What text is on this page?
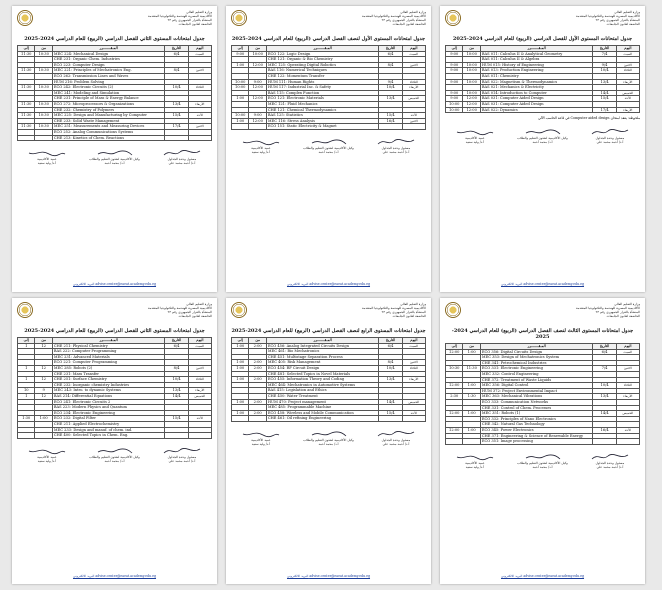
وزارة التعليم العالي
الأكاديمية المصرية للهندسة والتكنولوجيا المتقدمة
المنشأة بالقرار الجمهوري رقم ٢٣
الخاضعة لقانون الجامعات
جدول امتحانات المستوى الأول للفصل الدراسي (الربيع) للعام الدراسي 2024-2025
إلى	من	المـقـــــــرر	التاريخ	اليوم

9:00	10:00	BAS 011: Calculus II & Analytical Geometry	7/4	السبت
		BAS 011: Calculus II & Algebra		
9:00	10:00	HUM 015: History of Engineering	9/4	الاثنين
9:00	10:00	BAS 013: Production Engineering	10/4	الثلاثاء
		BAS 011: Chemistry		
9:00	10:00	BAS 022: Magnetism & Thermodynamics	13/4	الأربعاء
		BAS 021: Mechanics & Electricity		
9:00	10:00	BAS 014: Introduction to Computer	14/4	الخميس
9:00	12:00	BAS 031: Computer Aided Design	15/4	الأحد
10:00	12:00	BAS 031: Computer Aided Design		
10:00	12:00	BAS 022: Dynamics	17/4	الأربعاء
ملحوظة: يعقد امتحان Computer aided design في قاعة الحاسب الآلي
مسئول وحدة الجداول
أ.د/ أحمد محمد علي
وكيل الأكاديمية لشئون التعليم والطلاب
أ.د/ محمد أحمد
عميد الأكاديمية
أ.د/ وليد سعيد
البريد الالكتروني advise.center@eaeat.academy.edu.eg
وزارة التعليم العالي
الأكاديمية المصرية للهندسة والتكنولوجيا المتقدمة
المنشأة بالقرار الجمهوري رقم ٢٣
الخاضعة لقانون الجامعات
جدول امتحانات المستوى الأول لنصف الفصل الدراسي (الربيع) للعام الدراسي 2024-2025
إلى	من	المـقـــــــرر	التاريخ	اليوم

9:00	10:00	ECO 122: Logic Design	6/4	السبت
		CHE 121: Organic & Bio Chemistry		
1:00	12:00	MEC 125: Operating Digital Robotics	8/4	الاثنين
		BAS 116: Numerical Techniques		
		CHE 122: Momentum Transfer		
10:00	9:00	HUM 111: Human Rights	9/4	الثلاثاء
10:00	12:00	HUM 117: Industrial Inc. & Safety	10/4	الأربعاء
		BAS 115: Complex Function		
1:00	12:00	ECO 121: Electronic Materials	13/4	الخميس
		MEC 121: Fluid Mechanics		
		CHE 121: Chemical Thermodynamics		
10:00	9:00	BAS 125: Statistics	15/4	الأحد
1:00	12:00	MEC 116: Stress Analysis	16/4	الاثنين
		ECO 151: Static Electricity & Magnet		
مسئول وحدة الجداول
أ.د/ أحمد محمد علي
وكيل الأكاديمية لشئون التعليم والطلاب
أ.د/ محمد أحمد
عميد الأكاديمية
أ.د/ وليد سعيد
البريد الالكتروني advise.center@eaeat.academy.edu.eg
وزارة التعليم العالي
الأكاديمية المصرية للهندسة والتكنولوجيا المتقدمة
المنشأة بالقرار الجمهوري رقم ٢٣
الخاضعة لقانون الجامعات
جدول امتحانات المستوى الثاني للفصل الدراسي (الربيع) للعام الدراسي 2024-2025
إلى	من	المـقـــــــرر	التاريخ	اليوم

11:30	10:30	MEC 224: Mechanical Design	6/4	السبت
		CHE 231: Organic Chem. Industries		
		ECO 223: Computer Design		
11:30	10:30	MEC 221: Principles of Mechatronics Eng.	8/4	الاثنين
		ECO 262: Transmission Lines and Waves		
		HUM 216: Problem Solving		
11:30	10:30	ECO 242: Electronic Circuits (2)	10/4	الثلاثاء
		MEC 241: Modeling and Simulation		
		CHE 231: Principle of Mass & Energy Balance		
11:30	10:30	ECO 272: Microprocessors & Organizations	13/4	الأربعاء
		CHE 232: Chemistry of Polymers		
11:30	10:30	MEC 225: Design and Manufacturing by Computer	15/4	الأحد
		CHE 233: Solid Waste Management		
11:30	10:30	MEC 251: Measurements and Measuring Devices	17/4	الاثنين
		ECO 252: Analog Communications Systems		
		CHE 213: Kinetics of Chem. Reactions		
مسئول وحدة الجداول
أ.د/ أحمد محمد علي
وكيل الأكاديمية لشئون التعليم والطلاب
أ.د/ محمد أحمد
عميد الأكاديمية
أ.د/ وليد سعيد
البريد الالكتروني advise.center@eaeat.academy.edu.eg
وزارة التعليم العالي
الأكاديمية المصرية للهندسة والتكنولوجيا المتقدمة
المنشأة بالقرار الجمهوري رقم ٢٣
الخاضعة لقانون الجامعات
جدول امتحانات المستوى الثالث لنصف الفصل الدراسي (الربيع) للعام الدراسي 2024-2025
إلى	من	المـقـــــــرر	التاريخ	اليوم

12:00	1:00	ECO 356: Digital Circuits Design	6/4	السبت
		MEC 353: Design of Mechatronics System		
		CHE 341: Petrochemical Industries		
10:30	11:30	ECO 331: Electronic Engineering	7/4	الاثنين
		MEC 332: Control Engineering		
		CHE 372: Treatment of Waste Liquids		
12:00	1:00	MEC 356: Digital Control	10/4	الثلاثاء
		HUM 372: Project Environmental Impact		
2:30	1:30	MEC 363: Mechanical Vibrations	13/4	الأربعاء
		ECO 333: Communication Networks		
		CHE 331: Control of Chem. Processes		
12:00	1:00	MEC 351: Robots (1)	14/4	الخميس
		ECO 332: Principles of Nano Electronics		
		CHE 342: Natural Gas Technology		
12:00	1:00	ECO 345: Power Electronics	16/4	الأحد
		CHE 371: Engineering & Science of Renewable Energy		
		ECO 351: Image processing		
مسئول وحدة الجداول
أ.د/ أحمد محمد علي
وكيل الأكاديمية لشئون التعليم والطلاب
أ.د/ محمد أحمد
عميد الأكاديمية
أ.د/ وليد سعيد
البريد الالكتروني advise.center@eaeat.academy.edu.eg
وزارة التعليم العالي
الأكاديمية المصرية للهندسة والتكنولوجيا المتقدمة
المنشأة بالقرار الجمهوري رقم ٢٣
الخاضعة لقانون الجامعات
جدول امتحانات المستوى الرابع لنصف الفصل الدراسي (الربيع) للعام الدراسي 2024-2025
إلى	من	المـقـــــــرر	التاريخ	اليوم

1:00	2:00	ECO 456: Analog Integrated Circuits Design	6/4	السبت
		MEC 461: Bio Mechatronics		
		CHE 451: Multistage Separation Process		
1:00	2:00	MEC 405: Risk Management	8/4	الاثنين
1:00	2:00	ECO 454: RF Circuit Design	10/4	الثلاثاء
		CHE 481: Selected Topics in Novel Materials		
1:00	2:00	ECO 455: Information Theory and Coding	13/4	الأربعاء
		MEC 464: Mechatronics in Automotive Systems		
		BAS 415: Legislation and Ethics		
		CHE 450: Water Treatment		
1:00	2:00	HUM 470: Project management	14/4	الخميس
		MEC 485: Programmable Machine		
1:00	2:00	ECO 458: Wireless and Mobile Communication	15/4	الأحد
		CHE 461: Oil refining Engineering		
مسئول وحدة الجداول
أ.د/ أحمد محمد علي
وكيل الأكاديمية لشئون التعليم والطلاب
أ.د/ محمد أحمد
عميد الأكاديمية
أ.د/ وليد سعيد
البريد الالكتروني advise.center@eaeat.academy.edu.eg
وزارة التعليم العالي
الأكاديمية المصرية للهندسة والتكنولوجيا المتقدمة
المنشأة بالقرار الجمهوري رقم ٢٣
الخاضعة لقانون الجامعات
جدول امتحانات المستوى الثاني للفصل الدراسي (الربيع) للعام الدراسي 2024-2025
إلى	من	المـقـــــــرر	التاريخ	اليوم

1	12	CHE 211: Physical Chemistry	6/4	السبت
		BAS 222: Computer Programming		
		MEC 231: Advanced Materials		
		ECO 221: Computer Programming		
1	12	MEC 285: Robots (2)	8/4	الاثنين
		CHE 231: Mass Transfer		
1	12	CHE 251: Surface Chemistry	10/4	الثلاثاء
		CHE 232: Inorganic chemistry Industries		
10	9	MEC 243: Intro. to dynamic Systems	13/4	الأربعاء
1	12	BAS 214: Differential Equations	14/4	الخميس
		ECO 241: Electronic Circuits 2		
		BAS 223: Modern Physics and Quantum		
		ECO 234: Electronic Engineering		
1:30	1:00	ECO 232: Digital Filter	15/4	الأحد
		CHE 211: Applied Electrochemistry		
		MEC 233: Design and manuf. of chem. ind.		
		CHE 400: Selected Topics in Chem. Eng.		
مسئول وحدة الجداول
أ.د/ أحمد محمد علي
وكيل الأكاديمية لشئون التعليم والطلاب
أ.د/ محمد أحمد
عميد الأكاديمية
أ.د/ وليد سعيد
البريد الالكتروني advise.center@eaeat.academy.edu.eg
